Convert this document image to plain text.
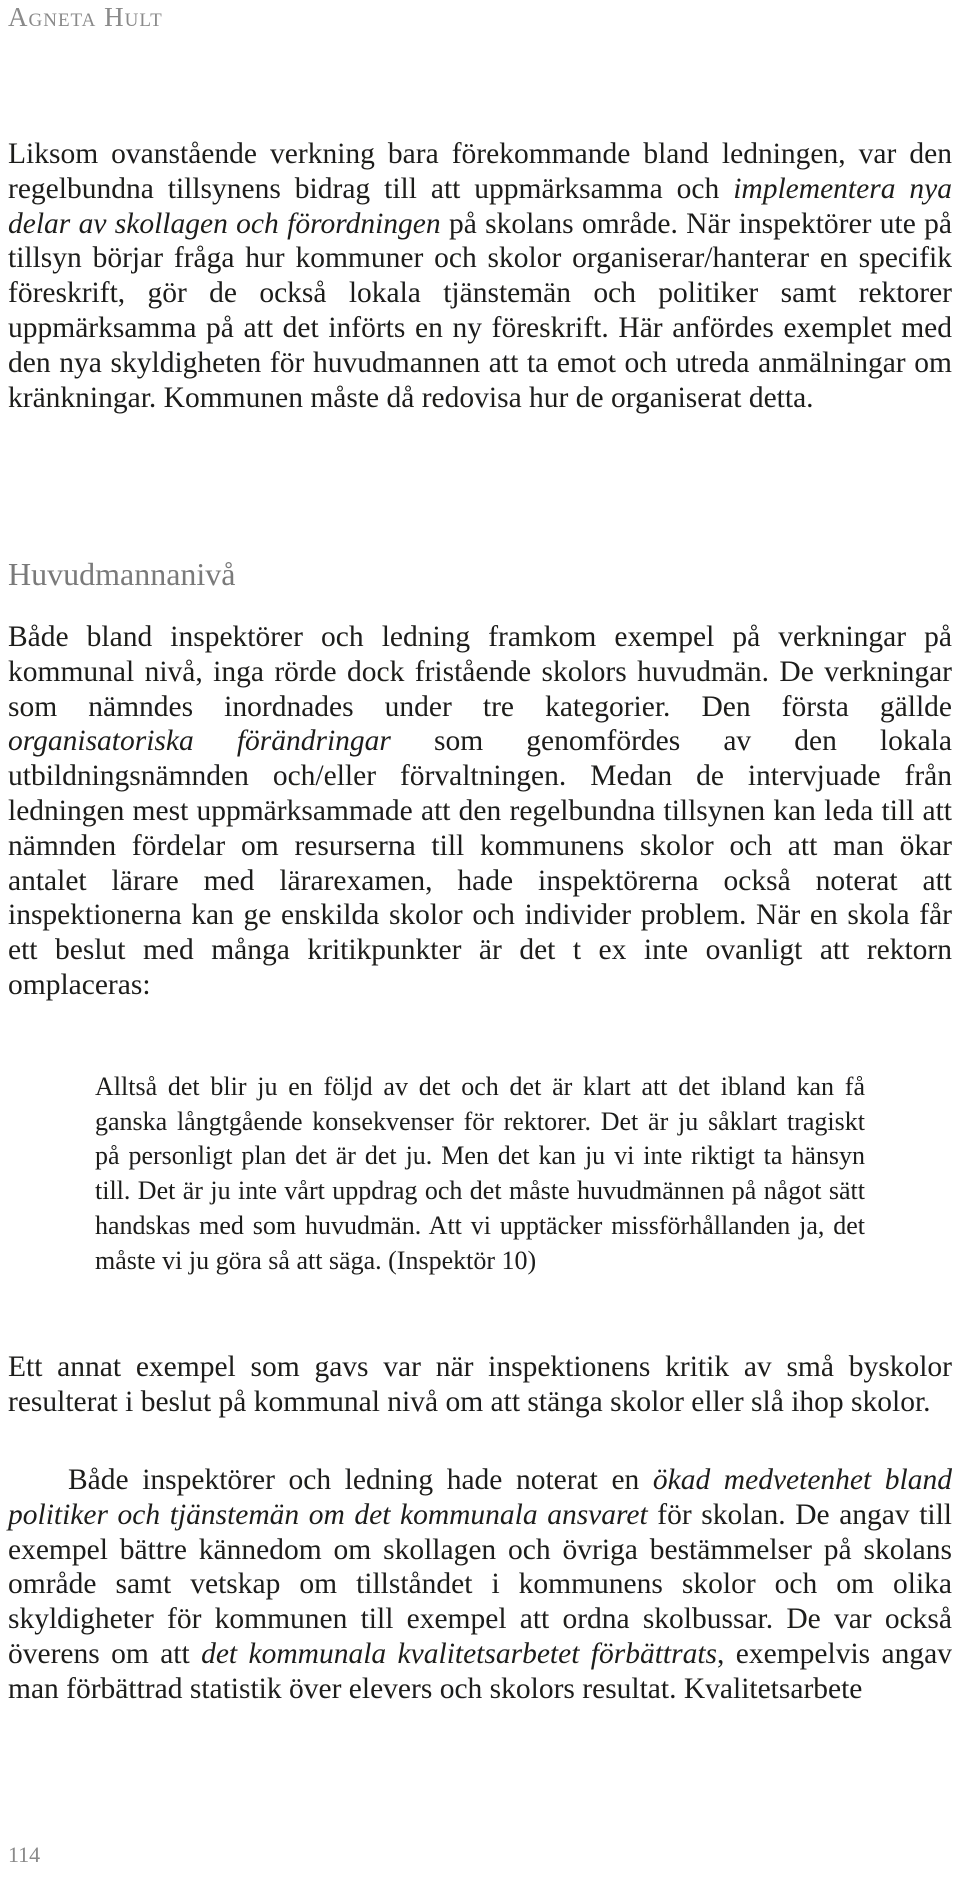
Agneta Hult

Liksom ovanstående verkning bara förekommande bland ledningen, var den regelbundna tillsynens bidrag till att uppmärksamma och implementera nya delar av skollagen och förordningen på skolans område. När inspektörer ute på tillsyn börjar fråga hur kommuner och skolor organiserar/hanterar en specifik föreskrift, gör de också lokala tjänstemän och politiker samt rektorer uppmärksamma på att det införts en ny föreskrift. Här anfördes exemplet med den nya skyldigheten för huvudmannen att ta emot och utreda anmälningar om kränkningar. Kommunen måste då redovisa hur de organiserat detta.

Huvudmannanivå

Både bland inspektörer och ledning framkom exempel på verkningar på kommunal nivå, inga rörde dock fristående skolors huvudmän. De verkningar som nämndes inordnades under tre kategorier. Den första gällde organisatoriska förändringar som genomfördes av den lokala utbildningsnämnden och/eller förvaltningen. Medan de intervjuade från ledningen mest uppmärksammade att den regelbundna tillsynen kan leda till att nämnden fördelar om resurserna till kommunens skolor och att man ökar antalet lärare med lärarexamen, hade inspektörerna också noterat att inspektionerna kan ge enskilda skolor och individer problem. När en skola får ett beslut med många kritikpunkter är det t ex inte ovanligt att rektorn omplaceras:

Alltså det blir ju en följd av det och det är klart att det ibland kan få ganska långtgående konsekvenser för rektorer. Det är ju såklart tragiskt på personligt plan det är det ju. Men det kan ju vi inte riktigt ta hänsyn till. Det är ju inte vårt uppdrag och det måste huvudmännen på något sätt handskas med som huvudmän. Att vi upptäcker missförhållanden ja, det måste vi ju göra så att säga. (Inspektör 10)

Ett annat exempel som gavs var när inspektionens kritik av små byskolor resulterat i beslut på kommunal nivå om att stänga skolor eller slå ihop skolor.

Både inspektörer och ledning hade noterat en ökad medvetenhet bland politiker och tjänstemän om det kommunala ansvaret för skolan. De angav till exempel bättre kännedom om skollagen och övriga bestämmelser på skolans område samt vetskap om tillståndet i kommunens skolor och om olika skyldigheter för kommunen till exempel att ordna skolbussar. De var också överens om att det kommunala kvalitetsarbetet förbättrats, exempelvis angav man förbättrad statistik över elevers och skolors resultat. Kvalitetsarbete

114
